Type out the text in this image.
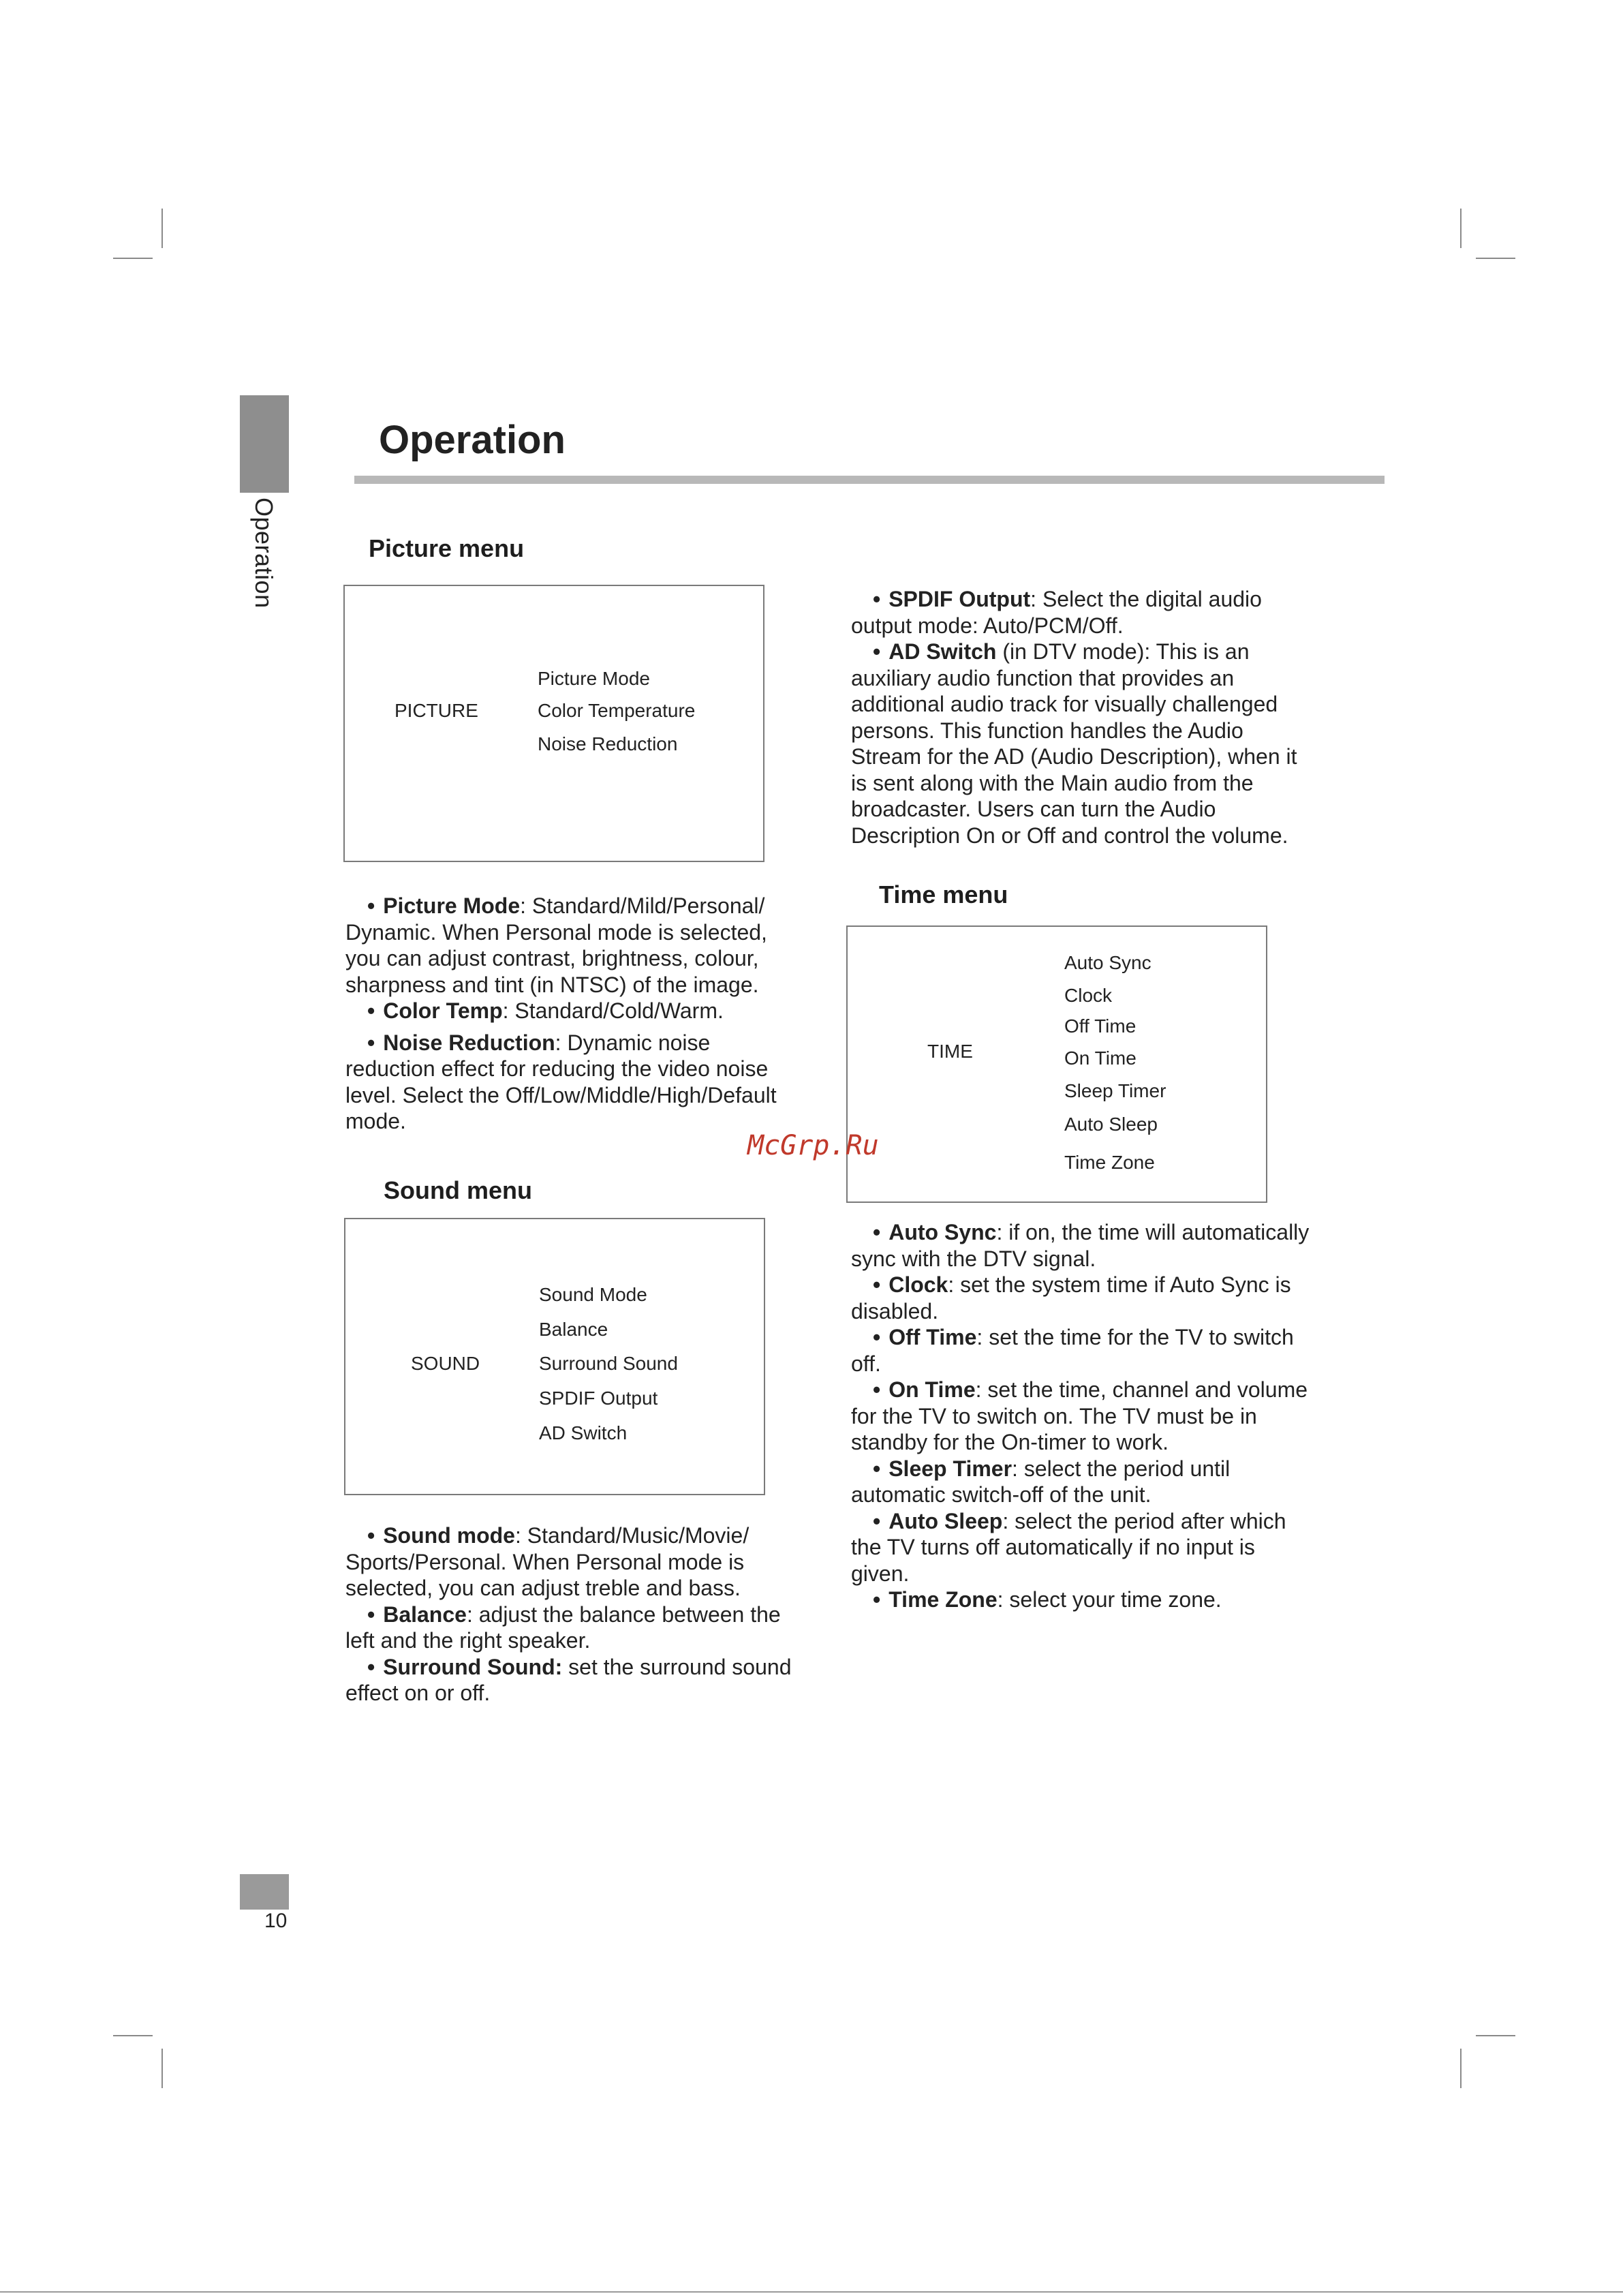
Operation
Operation
Picture menu
PICTURE
Picture Mode
Color Temperature
Noise Reduction

• Picture Mode: Standard/Mild/Personal/ Dynamic. When Personal mode is selected, you can adjust contrast, brightness, colour, sharpness and tint (in NTSC) of the image.

• Color Temp: Standard/Cold/Warm.

• Noise Reduction: Dynamic noise reduction effect for reducing the video noise level. Select the Off/Low/Middle/High/Default mode.

Sound menu
SOUND
Sound Mode
Balance
Surround Sound
SPDIF Output
AD Switch

• Sound mode: Standard/Music/Movie/ Sports/Personal. When Personal mode is selected, you can adjust treble and bass.

• Balance: adjust the balance between the left and the right speaker.

• Surround Sound: set the surround sound effect on or off.

• SPDIF Output: Select the digital audio output mode: Auto/PCM/Off.

• AD Switch (in DTV mode): This is an auxiliary audio function that provides an additional audio track for visually challenged persons. This function handles the Audio Stream for the AD (Audio Description), when it is sent along with the Main audio from the broadcaster. Users can turn the Audio Description On or Off and control the volume.

Time menu
TIME
Auto Sync
Clock
Off Time
On Time
Sleep Timer
Auto Sleep
Time Zone
McGrp.Ru

• Auto Sync: if on, the time will automatically sync with the DTV signal.

• Clock: set the system time if Auto Sync is disabled.

• Off Time: set the time for the TV to switch off.

• On Time: set the time, channel and volume for the TV to switch on. The TV must be in standby for the On-timer to work.

• Sleep Timer: select the period until automatic switch-off of the unit.

• Auto Sleep: select the period after which the TV turns off automatically if no input is given.

• Time Zone: select your time zone.

10
